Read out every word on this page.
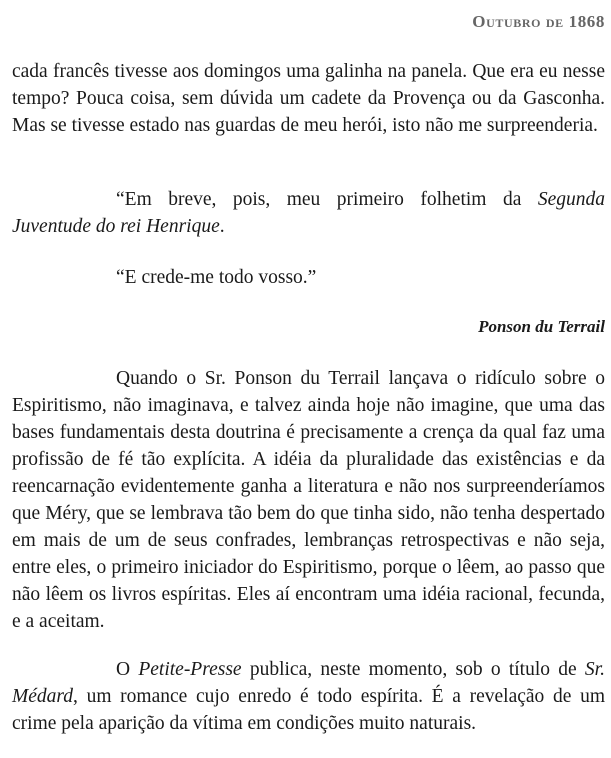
Outubro de 1868

cada francês tivesse aos domingos uma galinha na panela. Que era eu nesse tempo? Pouca coisa, sem dúvida um cadete da Provença ou da Gasconha. Mas se tivesse estado nas guardas de meu herói, isto não me surpreenderia.

“Em breve, pois, meu primeiro folhetim da Segunda Juventude do rei Henrique.

“E crede-me todo vosso.”

Ponson du Terrail

Quando o Sr. Ponson du Terrail lançava o ridículo sobre o Espiritismo, não imaginava, e talvez ainda hoje não imagine, que uma das bases fundamentais desta doutrina é precisamente a crença da qual faz uma profissão de fé tão explícita. A idéia da pluralidade das existências e da reencarnação evidentemente ganha a literatura e não nos surpreenderíamos que Méry, que se lembrava tão bem do que tinha sido, não tenha despertado em mais de um de seus confrades, lembranças retrospectivas e não seja, entre eles, o primeiro iniciador do Espiritismo, porque o lêem, ao passo que não lêem os livros espíritas. Eles aí encontram uma idéia racional, fecunda, e a aceitam.

O Petite-Presse publica, neste momento, sob o título de Sr. Médard, um romance cujo enredo é todo espírita. É a revelação de um crime pela aparição da vítima em condições muito naturais.
